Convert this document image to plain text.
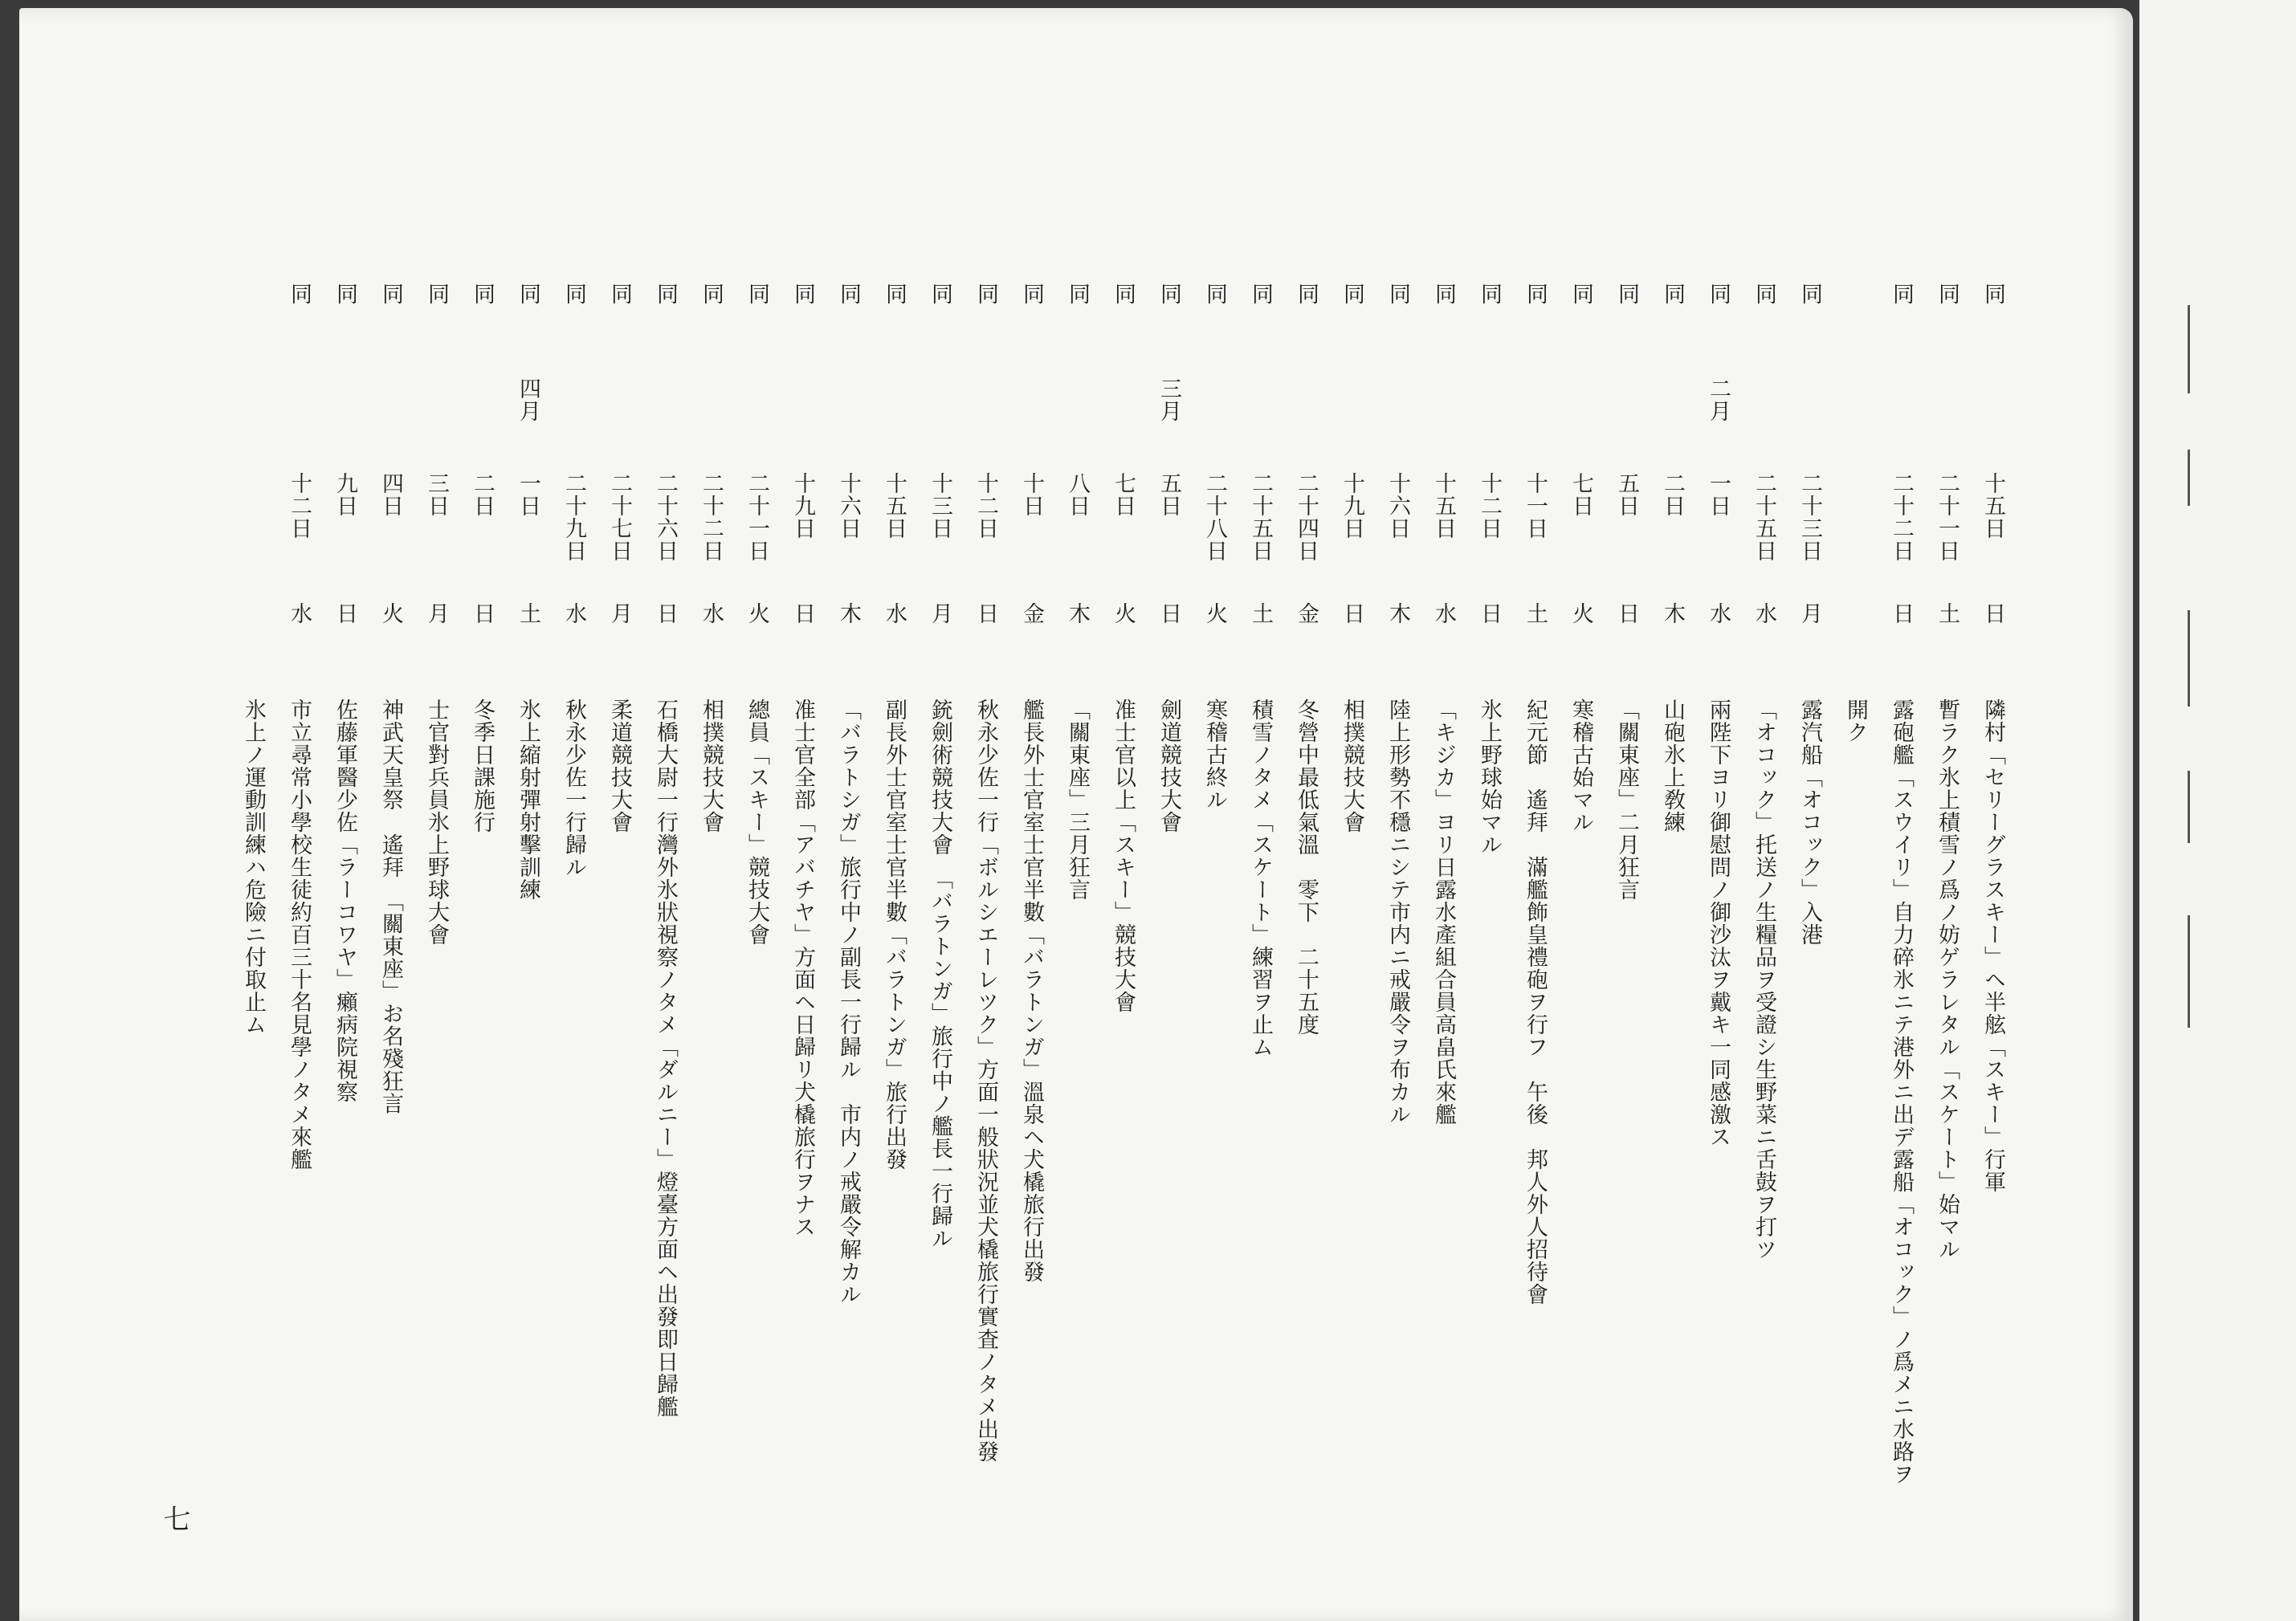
同
十五日
日
隣村「セリーグラスキー」ヘ半舷「スキー」行軍
同
二十一日
土
暫ラク氷上積雪ノ爲ノ妨ゲラレタル「スケート」始マル
同
二十二日
日
露砲艦「スウイリ」自力碎氷ニテ港外ニ出デ露船「オコック」ノ爲メニ水路ヲ
開ク
同
二十三日
月
露汽船「オコック」入港
同
二十五日
水
「オコック」托送ノ生糧品ヲ受證シ生野菜ニ舌鼓ヲ打ツ
同
二月
一日
水
兩陛下ヨリ御慰問ノ御沙汰ヲ戴キ一同感激ス
同
二日
木
山砲氷上敎練
同
五日
日
「關東座」二月狂言
同
七日
火
寒稽古始マル
同
十一日
土
紀元節　遙拜　滿艦飾皇禮砲ヲ行フ　午後　邦人外人招待會
同
十二日
日
氷上野球始マル
同
十五日
水
「キジカ」ヨリ日露水產組合員高畠氏來艦
同
十六日
木
陸上形勢不穩ニシテ市内ニ戒嚴令ヲ布カル
同
十九日
日
相撲競技大會
同
二十四日
金
冬營中最低氣溫　零下　二十五度
同
二十五日
土
積雪ノタメ「スケート」練習ヲ止ム
同
二十八日
火
寒稽古終ル
同
三月
五日
日
劍道競技大會
同
七日
火
准士官以上「スキー」競技大會
同
八日
木
「關東座」三月狂言
同
十日
金
艦長外士官室士官半數「バラトンガ」溫泉ヘ犬橇旅行出發
同
十二日
日
秋永少佐一行「ボルシエーレツク」方面一般狀況並犬橇旅行實査ノタメ出發
同
十三日
月
銃劍術競技大會　「バラトンガ」旅行中ノ艦長一行歸ル
同
十五日
水
副長外士官室士官半數「バラトンガ」旅行出發
同
十六日
木
「バラトシガ」旅行中ノ副長一行歸ル　市内ノ戒嚴令解カル
同
十九日
日
准士官全部「アバチヤ」方面ヘ日歸リ犬橇旅行ヲナス
同
二十一日
火
總員「スキー」競技大會
同
二十二日
水
相撲競技大會
同
二十六日
日
石橋大尉一行灣外氷狀視察ノタメ「ダルニー」燈臺方面ヘ出發即日歸艦
同
二十七日
月
柔道競技大會
同
二十九日
水
秋永少佐一行歸ル
同
四月
一日
土
氷上縮射彈射擊訓練
同
二日
日
冬季日課施行
同
三日
月
士官對兵員氷上野球大會
同
四日
火
神武天皇祭　遙拜　「關東座」お名殘狂言
同
九日
日
佐藤軍醫少佐「ラーコワヤ」癩病院視察
同
十二日
水
市立尋常小學校生徒約百三十名見學ノタメ來艦
氷上ノ運動訓練ハ危險ニ付取止ム
七
